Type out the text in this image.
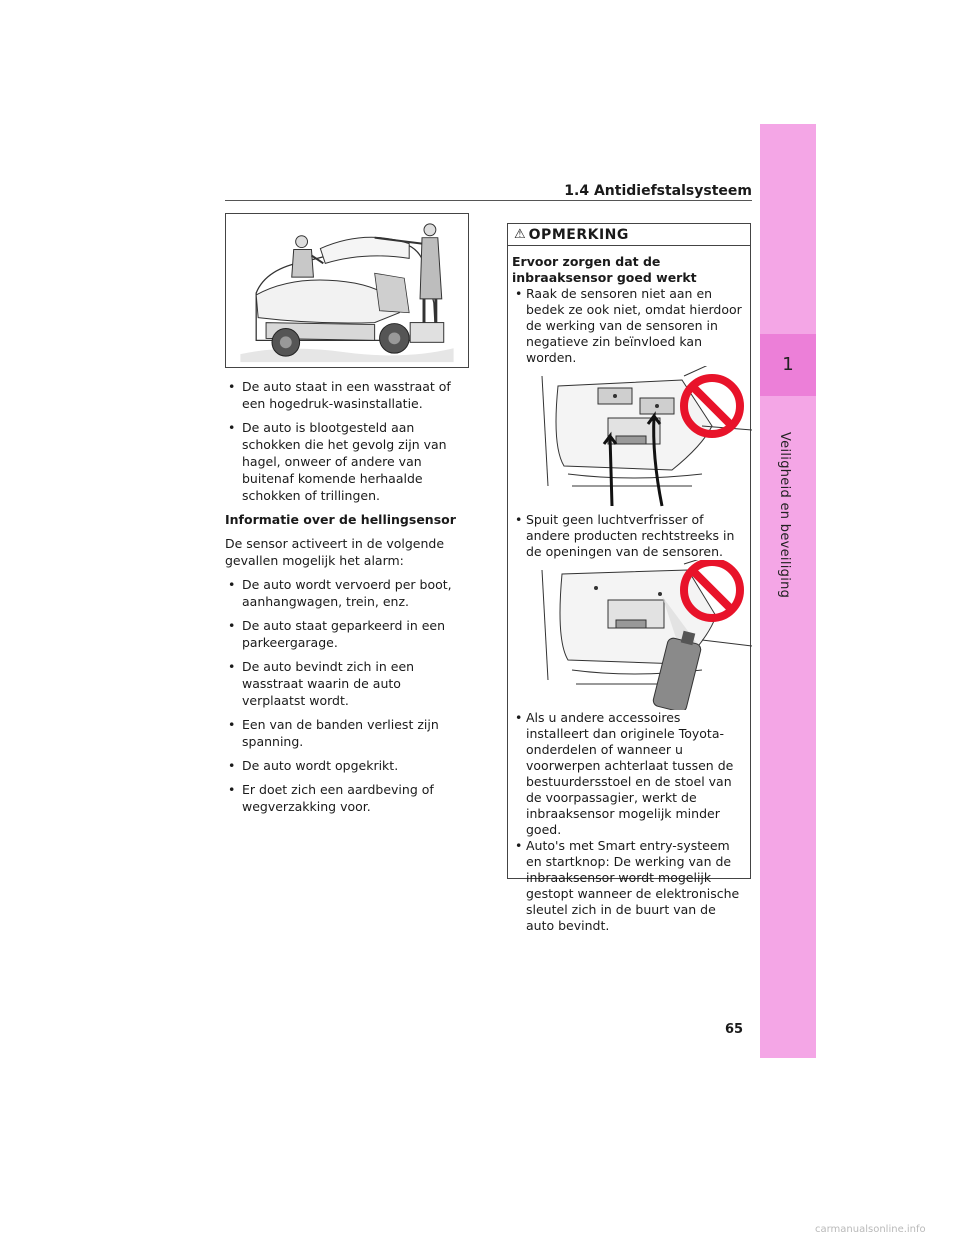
1
Veiligheid en beveiliging
1.4 Antidiefstalsysteem
• De auto staat in een wasstraat of een hogedruk-wasinstallatie.
• De auto is blootgesteld aan schokken die het gevolg zijn van hagel, onweer of andere van buitenaf komende herhaalde schokken of trillingen.
Informatie over de hellingsensor
De sensor activeert in de volgende gevallen mogelijk het alarm:
• De auto wordt vervoerd per boot, aanhangwagen, trein, enz.
• De auto staat geparkeerd in een parkeergarage.
• De auto bevindt zich in een wasstraat waarin de auto verplaatst wordt.
• Een van de banden verliest zijn spanning.
• De auto wordt opgekrikt.
• Er doet zich een aardbeving of wegverzakking voor.
⚠ OPMERKING
Ervoor zorgen dat de inbraaksensor goed werkt
• Raak de sensoren niet aan en bedek ze ook niet, omdat hierdoor de werking van de sensoren in negatieve zin beïnvloed kan worden.
• Spuit geen luchtverfrisser of andere producten rechtstreeks in de openingen van de sensoren.
• Als u andere accessoires installeert dan originele Toyota-onderdelen of wanneer u voorwerpen achterlaat tussen de bestuurdersstoel en de stoel van de voorpassagier, werkt de inbraaksensor mogelijk minder goed.
• Auto's met Smart entry-systeem en startknop: De werking van de inbraaksensor wordt mogelijk gestopt wanneer de elektronische sleutel zich in de buurt van de auto bevindt.
65
carmanualsonline.info
